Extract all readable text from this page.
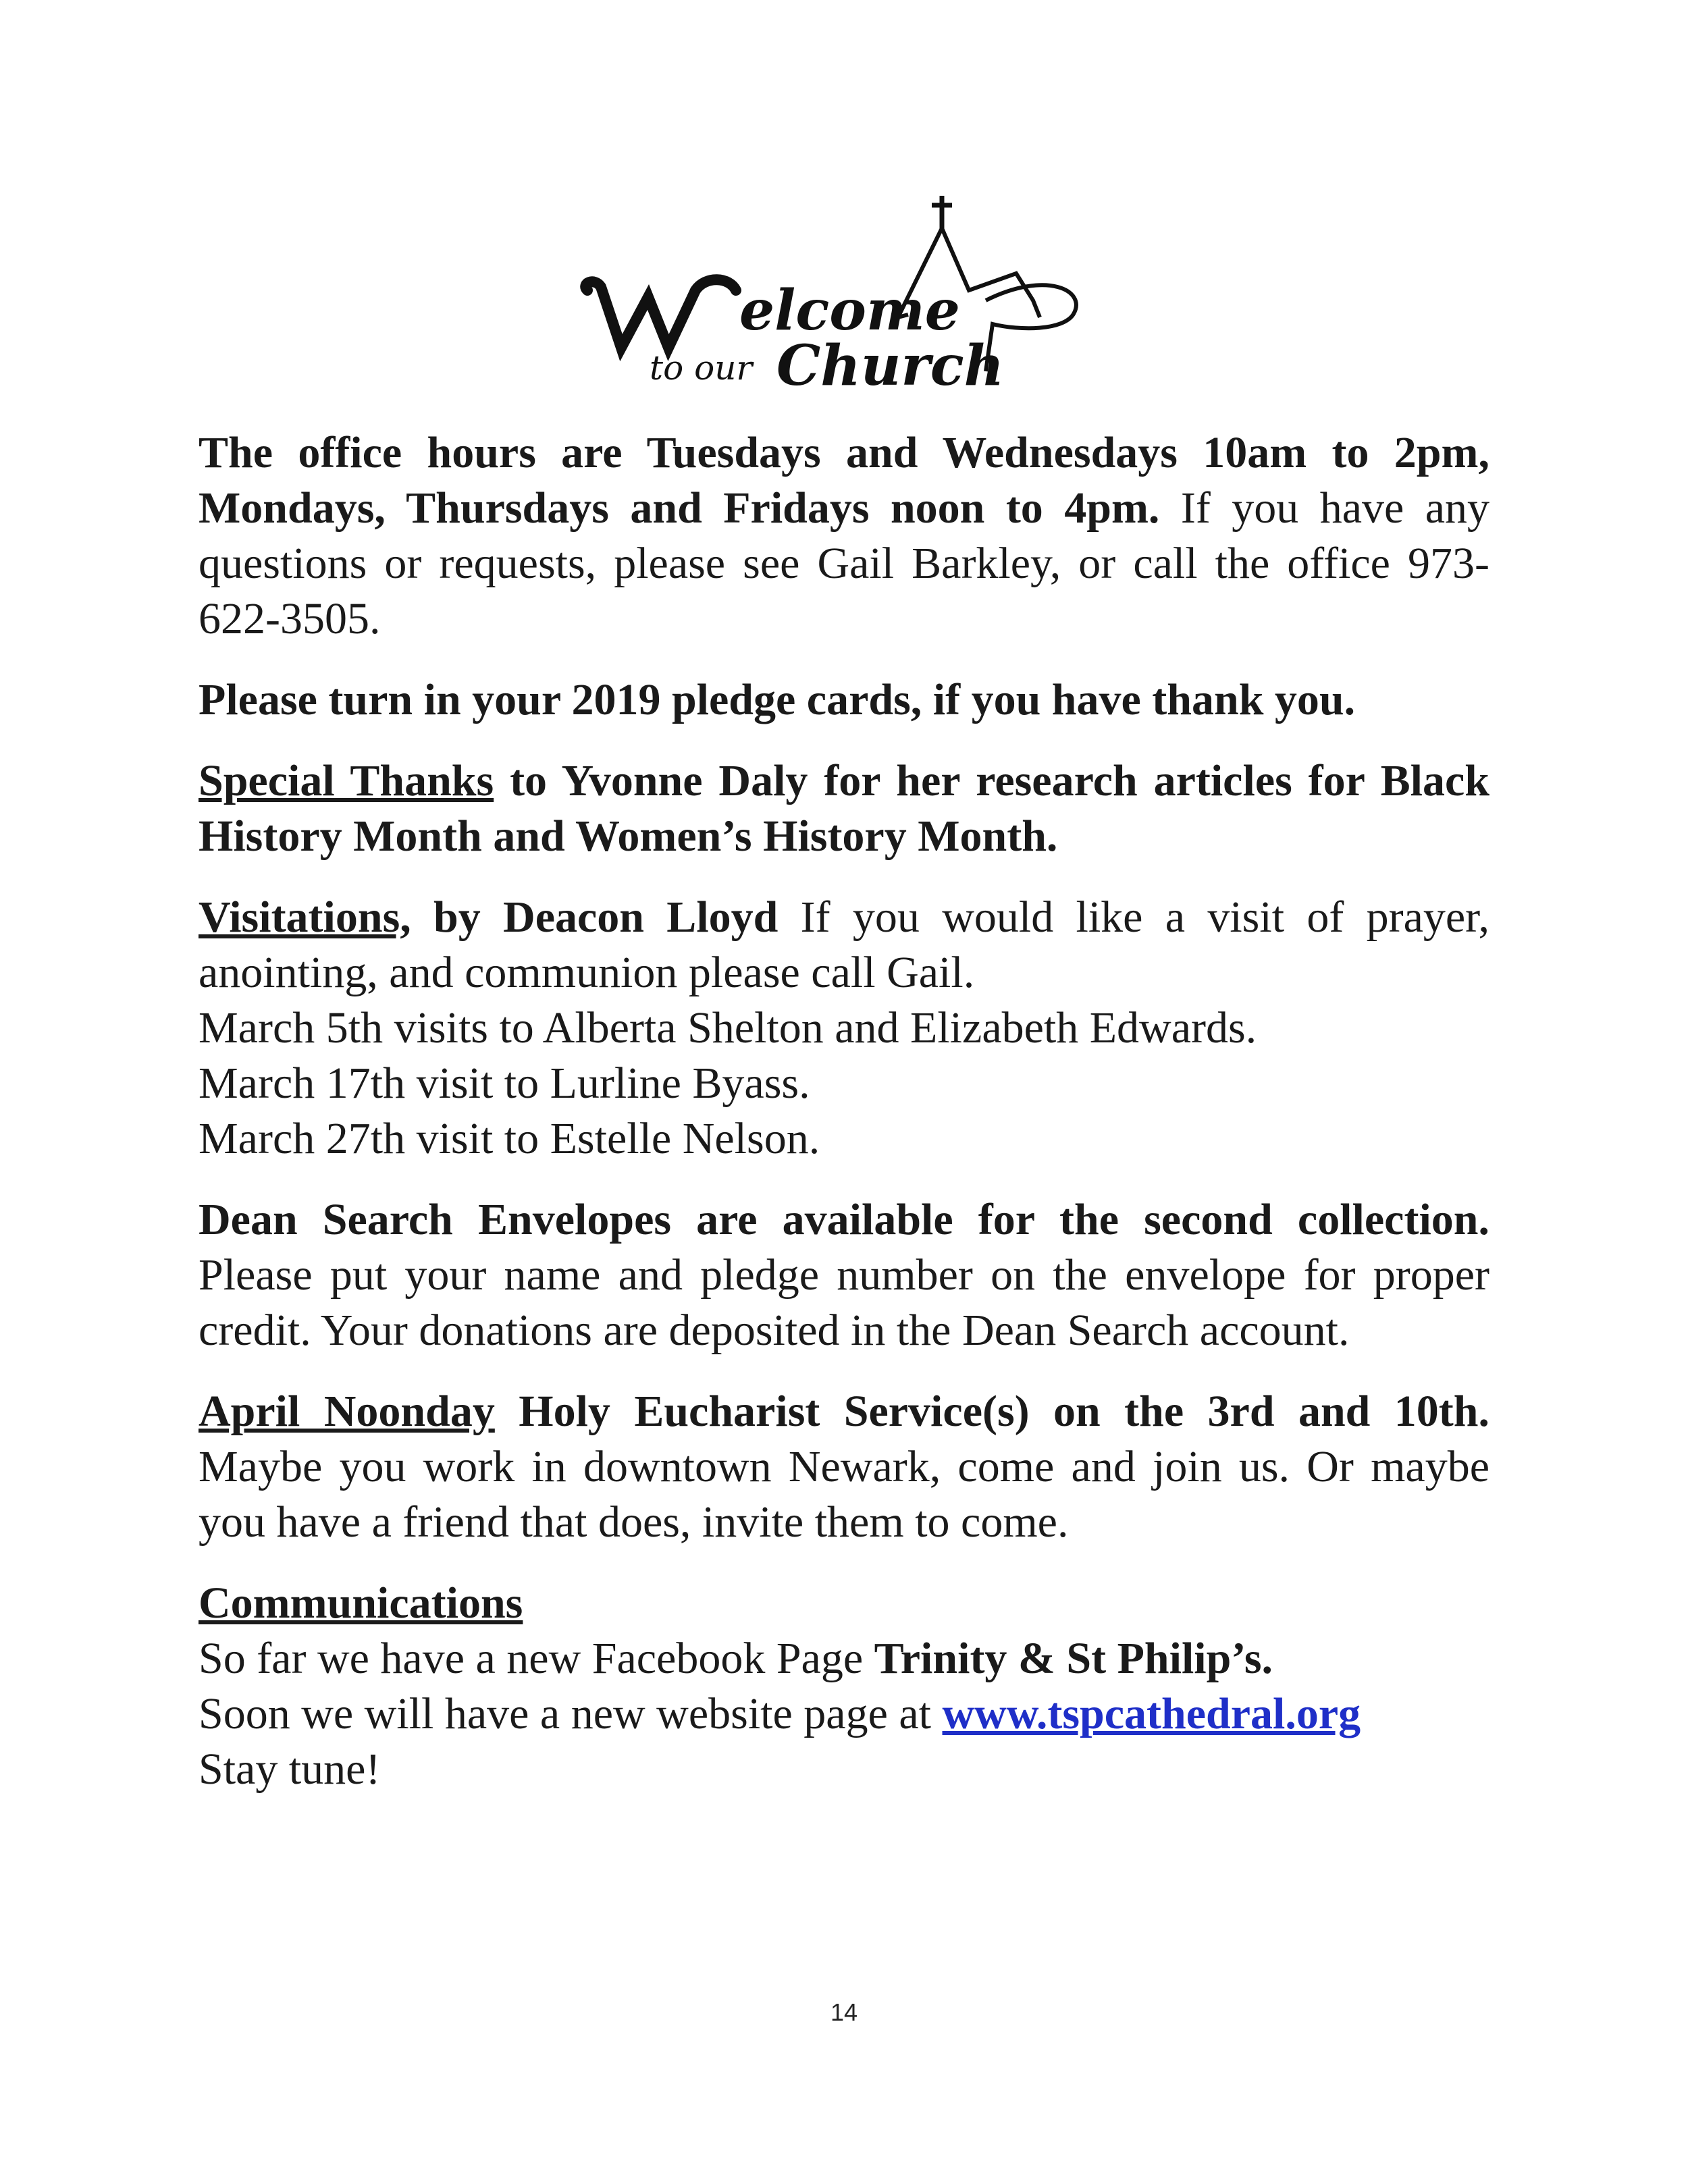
elcome
to our Church

The office hours are Tuesdays and Wednesdays 10am to 2pm, Mondays, Thursdays and Fridays noon to 4pm. If you have any questions or requests, please see Gail Barkley, or call the office 973-622-3505.

Please turn in your 2019 pledge cards, if you have thank you.

Special Thanks to Yvonne Daly for her research articles for Black History Month and Women’s History Month.

Visitations, by Deacon Lloyd If you would like a visit of prayer, anointing, and communion please call Gail.
March 5th visits to Alberta Shelton and Elizabeth Edwards.
March 17th visit to Lurline Byass.
March 27th visit to Estelle Nelson.

Dean Search Envelopes are available for the second collection. Please put your name and pledge number on the envelope for proper credit. Your donations are deposited in the Dean Search account.

April Noonday Holy Eucharist Service(s) on the 3rd and 10th. Maybe you work in downtown Newark, come and join us. Or maybe you have a friend that does, invite them to come.

Communications
So far we have a new Facebook Page Trinity & St Philip’s.
Soon we will have a new website page at www.tspcathedral.org
Stay tune!

14
